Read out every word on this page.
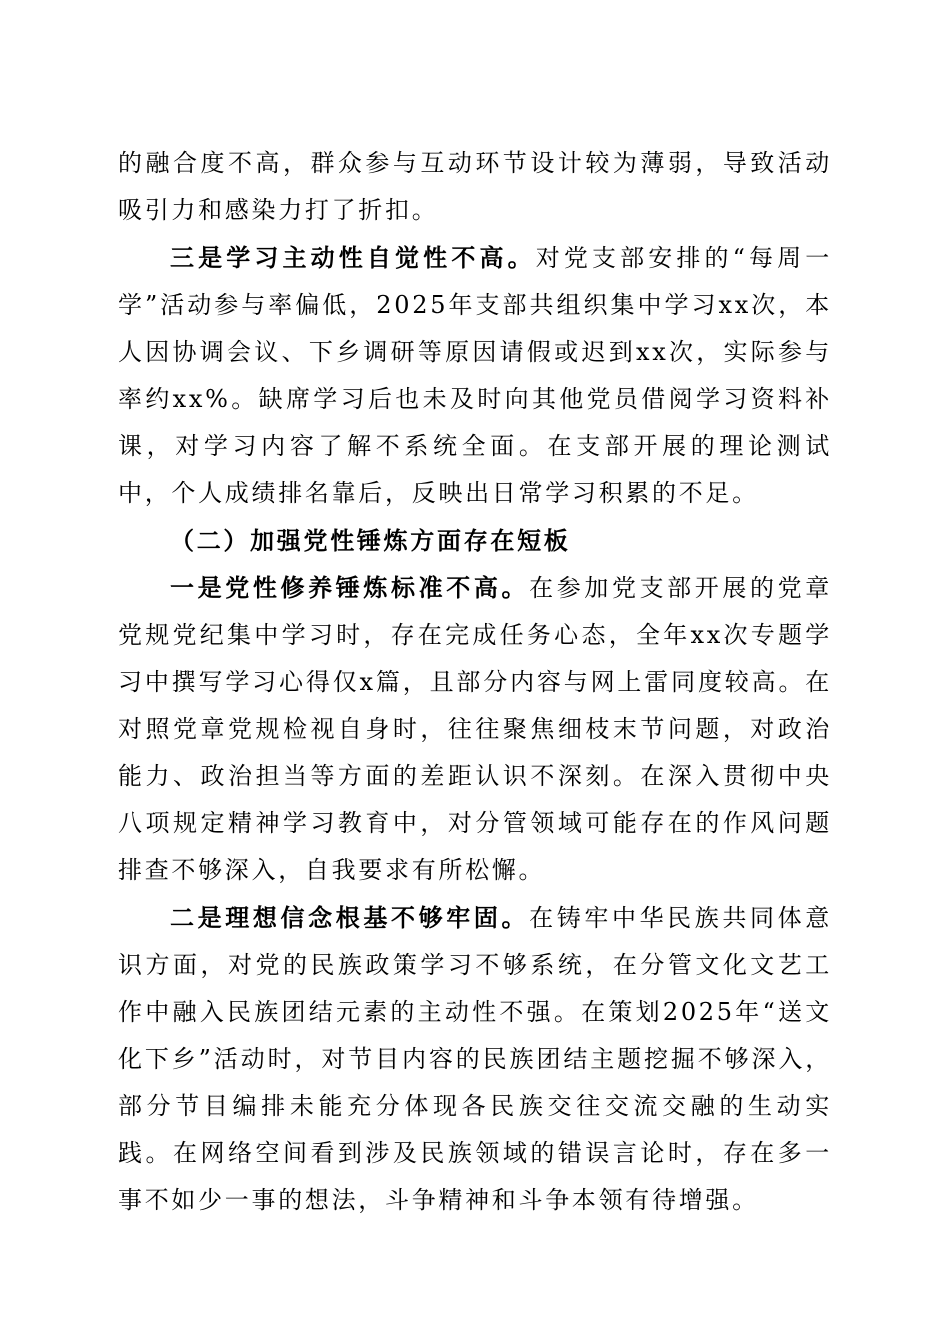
的融合度不高，群众参与互动环节设计较为薄弱，导致活动吸引力和感染力打了折扣。

三是学习主动性自觉性不高。对党支部安排的“每周一学”活动参与率偏低，2025年支部共组织集中学习xx次，本人因协调会议、下乡调研等原因请假或迟到xx次，实际参与率约xx%。缺席学习后也未及时向其他党员借阅学习资料补课，对学习内容了解不系统全面。在支部开展的理论测试中，个人成绩排名靠后，反映出日常学习积累的不足。

（二）加强党性锤炼方面存在短板

一是党性修养锤炼标准不高。在参加党支部开展的党章党规党纪集中学习时，存在完成任务心态，全年xx次专题学习中撰写学习心得仅x篇，且部分内容与网上雷同度较高。在对照党章党规检视自身时，往往聚焦细枝末节问题，对政治能力、政治担当等方面的差距认识不深刻。在深入贯彻中央八项规定精神学习教育中，对分管领域可能存在的作风问题排查不够深入，自我要求有所松懈。

二是理想信念根基不够牢固。在铸牢中华民族共同体意识方面，对党的民族政策学习不够系统，在分管文化文艺工作中融入民族团结元素的主动性不强。在策划2025年“送文化下乡”活动时，对节目内容的民族团结主题挖掘不够深入，部分节目编排未能充分体现各民族交往交流交融的生动实践。在网络空间看到涉及民族领域的错误言论时，存在多一事不如少一事的想法，斗争精神和斗争本领有待增强。
